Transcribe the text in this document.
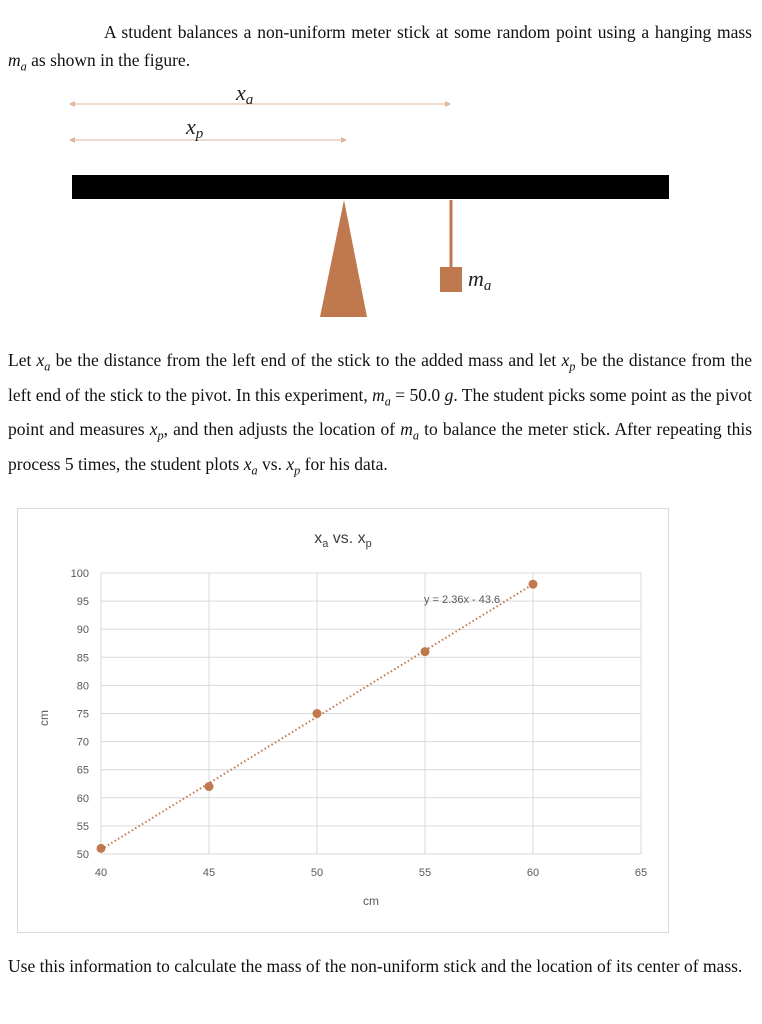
A student balances a non-uniform meter stick at some random point using a hanging mass $m_a$ as shown in the figure.
xa
xp
ma
Let $x_a$ be the distance from the left end of the stick to the added mass and let $x_p$ be the distance from the left end of the stick to the pivot. In this experiment, $m_a = 50.0$ g. The student picks some point as the pivot point and measures $x_p$, and then adjusts the location of $m_a$ to balance the meter stick. After repeating this process 5 times, the student plots $x_a$ vs. $x_p$ for his data.
$x_a$ vs. $x_p$
50
55
60
65
70
75
80
85
90
95
100
40	45	50	55	60	65
y = 2.36x - 43.6
cm
cm
Use this information to calculate the mass of the non-uniform stick and the location of its center of mass.
